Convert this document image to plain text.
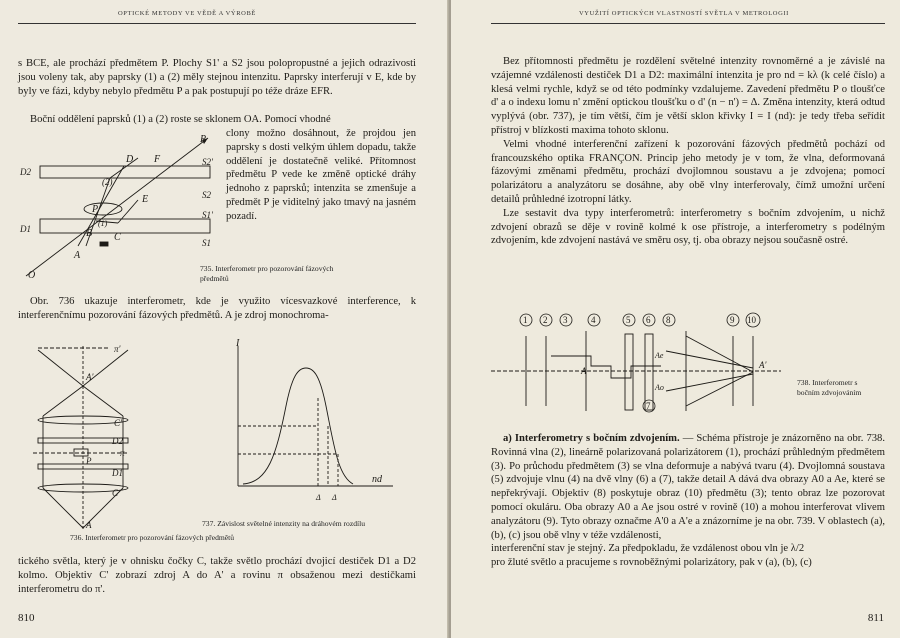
OPTICKÉ METODY VE VĚDĚ A VÝROBĚ

s BCE, ale prochází předmětem P. Plochy S1' a S2 jsou polopropustné a jejich odrazivosti jsou voleny tak, aby paprsky (1) a (2) měly stejnou intenzitu. Paprsky interferují v E, kde by byly ve fázi, kdyby nebylo předmětu P a pak postupují po téže dráze EFR.

Boční oddělení paprsků (1) a (2) roste se sklonem OA. Pomocí vhodné

clony možno dosáhnout, že projdou jen paprsky s dosti velkým úhlem dopadu, takže oddělení je dostatečně veliké. Přítomnost předmětu P vede ke změně optické dráhy jednoho z paprsků; intenzita se zmenšuje a předmět P je viditelný jako tmavý na jasném pozadí.

R
D F	S2'
D2
(2)
P
E	S2
S1'
D1	B
(1)
C	S1
A
O
735. Interferometr pro pozorování fázových předmětů

Obr. 736 ukazuje interferometr, kde je využito vícesvazkové interference, k interferenčnímu pozorování fázových předmětů. A je zdroj monochroma-

π'
A'
C'
D2
π
P
D1
C
A
I
nd
Δ Δ
737. Závislost světelné intenzity na dráhovém rozdílu
736. Interferometr pro pozorování fázových předmětů

tického světla, který je v ohnisku čočky C, takže světlo prochází dvojicí destiček D1 a D2 kolmo. Objektiv C' zobrazí zdroj A do A' a rovinu π obsaženou mezi destičkami interferometru do π'.

810
VYUŽITÍ OPTICKÝCH VLASTNOSTÍ SVĚTLA V METROLOGII

Bez přítomnosti předmětu je rozdělení světelné intenzity rovnoměrné a je závislé na vzájemné vzdálenosti destiček D1 a D2: maximální intenzita je pro nd = kλ (k celé číslo) a klesá velmi rychle, když se od této podmínky vzdalujeme. Zavedení předmětu P o tloušťce d' a o indexu lomu n' změní optickou tloušťku o d' (n − n') = Δ. Změna intenzity, která odtud vyplývá (obr. 737), je tím větší, čím je větší sklon křivky I = I (nd): je tedy třeba seřídit přístroj v blízkosti maxima tohoto sklonu.

Velmi vhodné interferenční zařízení k pozorování fázových předmětů pochází od francouzského optika FRANÇON. Princip jeho metody je v tom, že vlna, deformovaná fázovými změnami předmětu, prochází dvojlomnou soustavu a je zdvojena; pomocí polarizátoru a analyzátoru se dosáhne, aby obě vlny interferovaly, čímž umožní určení detailů průhledné izotropní látky.

Lze sestavit dva typy interferometrů: interferometry s bočním zdvojením, u nichž zdvojení obrazů se děje v rovině kolmé k ose přístroje, a interferometry s podélným zdvojením, kde zdvojení nastává ve směru osy, tj. oba obrazy nejsou současně ostré.

1 2 3	4	5 6 8	9 10
7
A
Ae
Ao
A'
738. Interferometr s bočním zdvojováním

a) Interferometry s bočním zdvojením. — Schéma přístroje je znázorněno na obr. 738. Rovinná vlna (2), lineárně polarizovaná polarizátorem (1), prochází průhledným předmětem (3). Po průchodu předmětem (3) se vlna deformuje a nabývá tvaru (4). Dvojlomná soustava (5) zdvojuje vlnu (4) na dvě vlny (6) a (7), takže detail A dává dva obrazy A0 a Ae, které se nepřekrývají. Objektiv (8) poskytuje obraz (10) předmětu (3); tento obraz lze pozorovat pomocí okuláru. Oba obrazy A0 a Ae jsou ostré v rovině (10) a mohou interferovat vlivem analyzátoru (9). Tyto obrazy označme A'0 a A'e a znázorníme je na obr. 739. V oblastech (a), (b), (c) jsou obě vlny v téže vzdálenosti,

interferenční stav je stejný. Za předpokladu, že vzdálenost obou vln je λ/2

pro žluté světlo a pracujeme s rovnoběžnými polarizátory, pak v (a), (b), (c)

811
